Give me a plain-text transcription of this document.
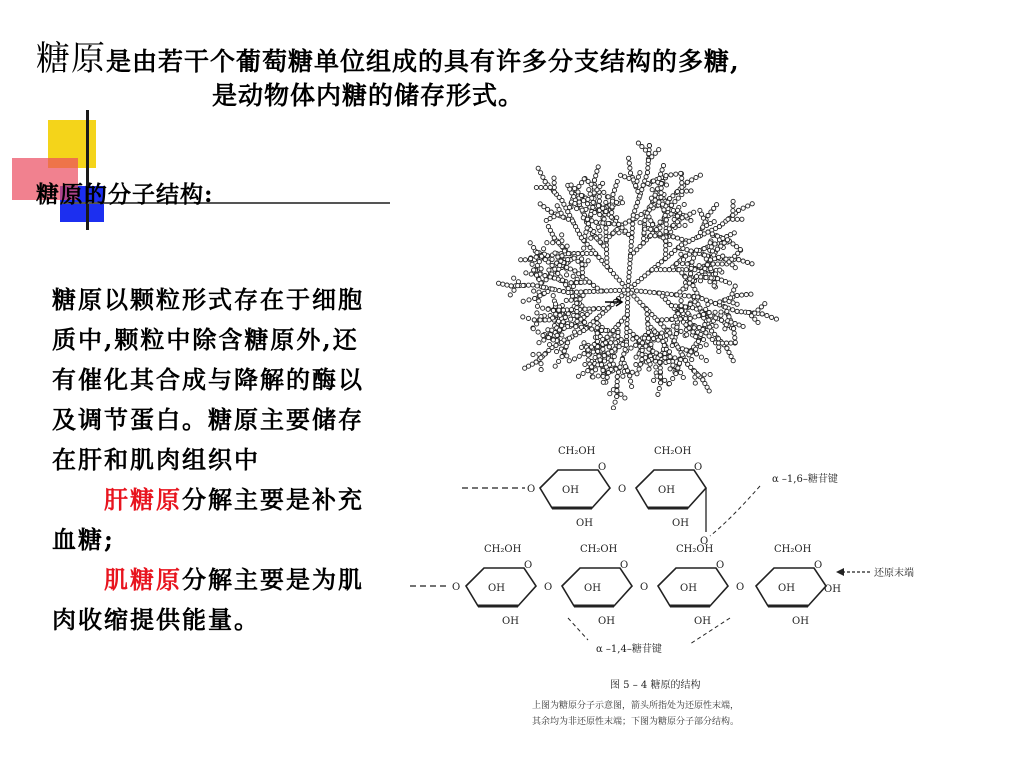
糖原是由若干个葡萄糖单位组成的具有许多分支结构的多糖,
是动物体内糖的储存形式。
糖原的分子结构:
糖原以颗粒形式存在于细胞质中,颗粒中除含糖原外,还有催化其合成与降解的酶以及调节蛋白。糖原主要储存在肝和肌肉组织中
肝糖原分解主要是补充血糖;
肌糖原分解主要是为肌肉收缩提供能量。
O
CH₂OH
OH
O
OH
O
CH₂OH
OH
O
OH
O
α –1,6–糖苷键
O
CH₂OH
OH
O
OH
O
CH₂OH
OH
O
OH
O
CH₂OH
OH
O
OH
O
CH₂OH
OH
O
OH
OH
还原末端
α –1,4–糖苷键
图 5 – 4 糖原的结构
上图为糖原分子示意图，箭头所指处为还原性末端，
其余均为非还原性末端；下图为糖原分子部分结构。
